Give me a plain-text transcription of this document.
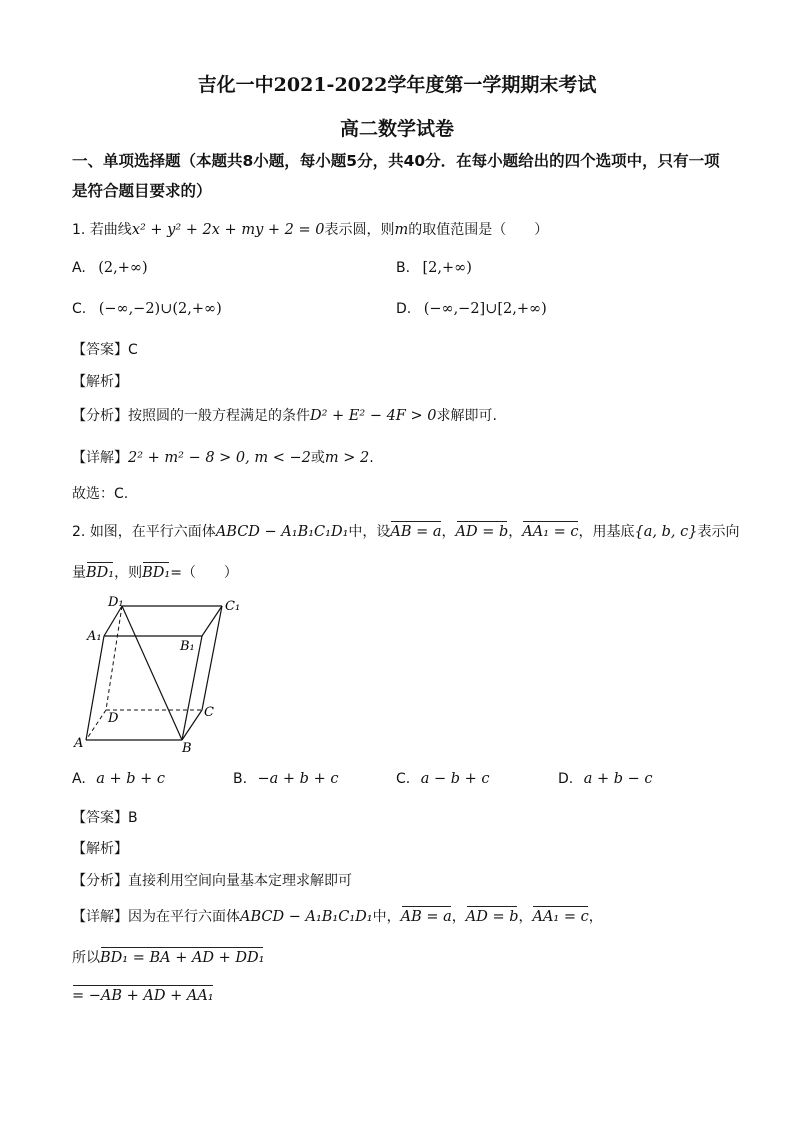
吉化一中2021-2022学年度第一学期期末考试
高二数学试卷
一、单项选择题（本题共8小题，每小题5分，共40分．在每小题给出的四个选项中，只有一项是符合题目要求的）
1. 若曲线x² + y² + 2x + my + 2 = 0表示圆，则m的取值范围是（　　）
A. (2,+∞)	B. [2,+∞)
C. (−∞,−2)∪(2,+∞)	D. (−∞,−2]∪[2,+∞)
【答案】C
【解析】
【分析】按照圆的一般方程满足的条件D² + E² − 4F > 0求解即可.
【详解】2² + m² − 8 > 0, m < −2或m > 2.
故选：C.
2. 如图，在平行六面体ABCD − A₁B₁C₁D₁中，设AB = a，AD = b，AA₁ = c，用基底{a, b, c}表示向
量BD₁，则BD₁=（　　）
D₁	C₁
A₁
B₁
D	C
A	B
A. a + b + c	B. −a + b + c	C. a − b + c	D. a + b − c
【答案】B
【解析】
【分析】直接利用空间向量基本定理求解即可
【详解】因为在平行六面体ABCD − A₁B₁C₁D₁中，AB = a，AD = b，AA₁ = c，
所以BD₁ = BA + AD + DD₁
= −AB + AD + AA₁
